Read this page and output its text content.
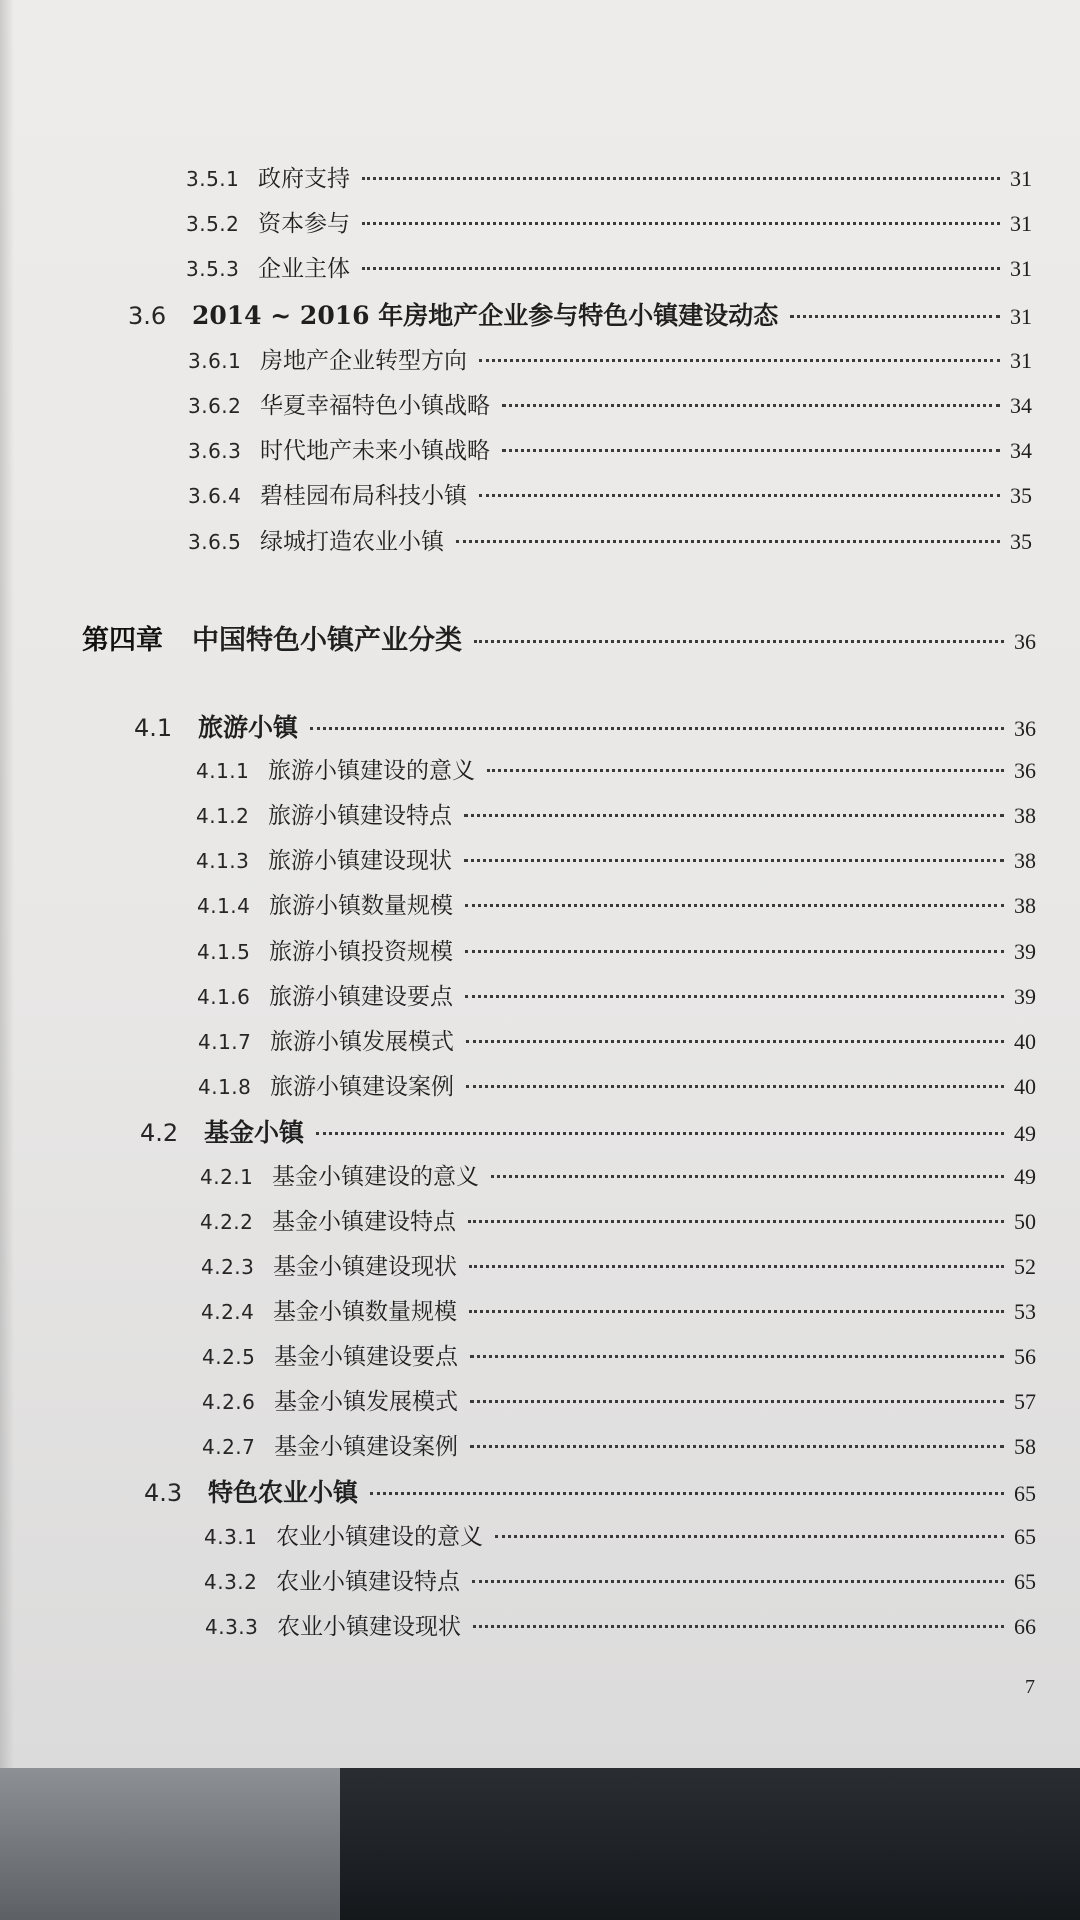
3.5.1 政府支持	31
3.5.2 资本参与	31
3.5.3 企业主体	31
3.6	2014 ~ 2016 年房地产企业参与特色小镇建设动态	31
3.6.1 房地产企业转型方向	31
3.6.2 华夏幸福特色小镇战略	34
3.6.3 时代地产未来小镇战略	34
3.6.4 碧桂园布局科技小镇	35
3.6.5 绿城打造农业小镇	35
第四章	中国特色小镇产业分类	36
4.1	旅游小镇	36
4.1.1 旅游小镇建设的意义	36
4.1.2 旅游小镇建设特点	38
4.1.3 旅游小镇建设现状	38
4.1.4 旅游小镇数量规模	38
4.1.5 旅游小镇投资规模	39
4.1.6 旅游小镇建设要点	39
4.1.7 旅游小镇发展模式	40
4.1.8 旅游小镇建设案例	40
4.2	基金小镇	49
4.2.1 基金小镇建设的意义	49
4.2.2 基金小镇建设特点	50
4.2.3 基金小镇建设现状	52
4.2.4 基金小镇数量规模	53
4.2.5 基金小镇建设要点	56
4.2.6 基金小镇发展模式	57
4.2.7 基金小镇建设案例	58
4.3	特色农业小镇	65
4.3.1 农业小镇建设的意义	65
4.3.2 农业小镇建设特点	65
4.3.3 农业小镇建设现状	66
7
